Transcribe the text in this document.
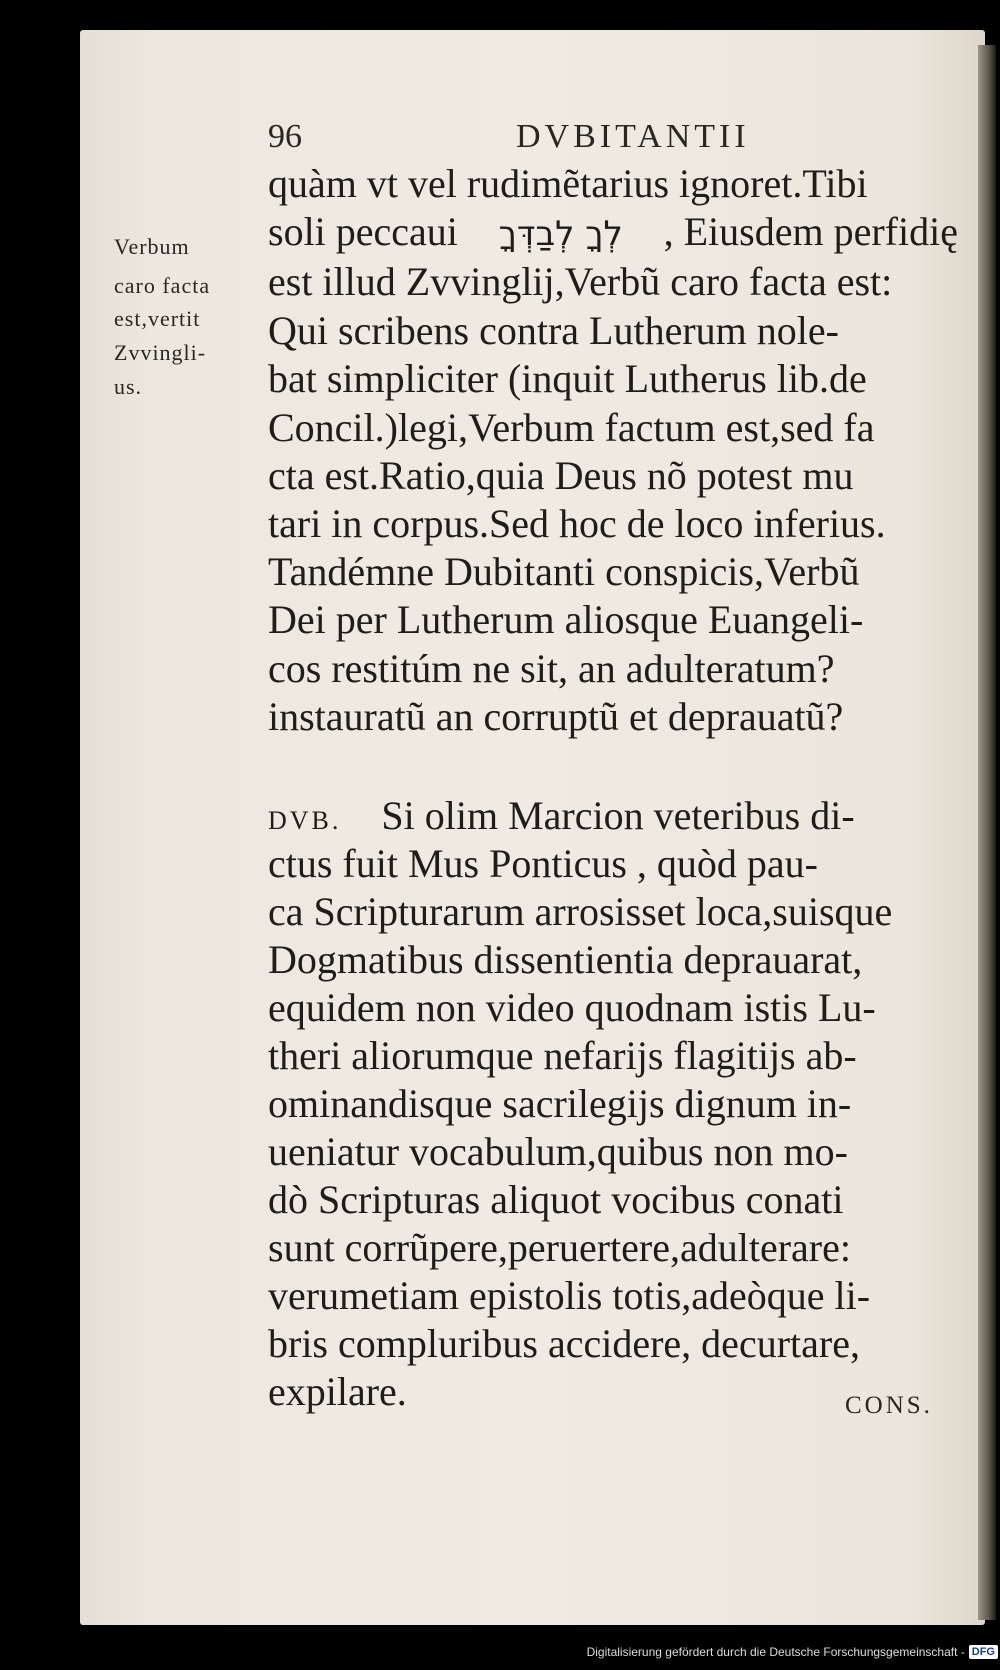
96	DVBITANTII
Verbum
caro facta
est,vertit
Zvvingli-
us.
quàm vt vel rudimẽtarius ignoret.Tibi
soli peccaui לְךָ לְבַדְּךָ , Eiusdem perfidię
est illud Zvvinglij,Verbũ caro facta est:
Qui scribens contra Lutherum nole-
bat simpliciter (inquit Lutherus lib.de
Concil.)legi,Verbum factum est,sed fa
cta est.Ratio,quia Deus nõ potest mu
tari in corpus.Sed hoc de loco inferius.
Tandémne Dubitanti conspicis,Verbũ
Dei per Lutherum aliosque Euangeli-
cos restitúm ne sit, an adulteratum?
instauratũ an corruptũ et deprauatũ?
DVB. Si olim Marcion veteribus di-
ctus fuit Mus Ponticus , quòd pau-
ca Scripturarum arrosisset loca,suisque
Dogmatibus dissentientia deprauarat,
equidem non video quodnam istis Lu-
theri aliorumque nefarijs flagitijs ab-
ominandisque sacrilegijs dignum in-
ueniatur vocabulum,quibus non mo-
dò Scripturas aliquot vocibus conati
sunt corrũpere,peruertere,adulterare:
verumetiam epistolis totis,adeòque li-
bris compluribus accidere, decurtare,
expilare.	CONS.
Digitalisierung gefördert durch die Deutsche Forschungsgemeinschaft - DFG
